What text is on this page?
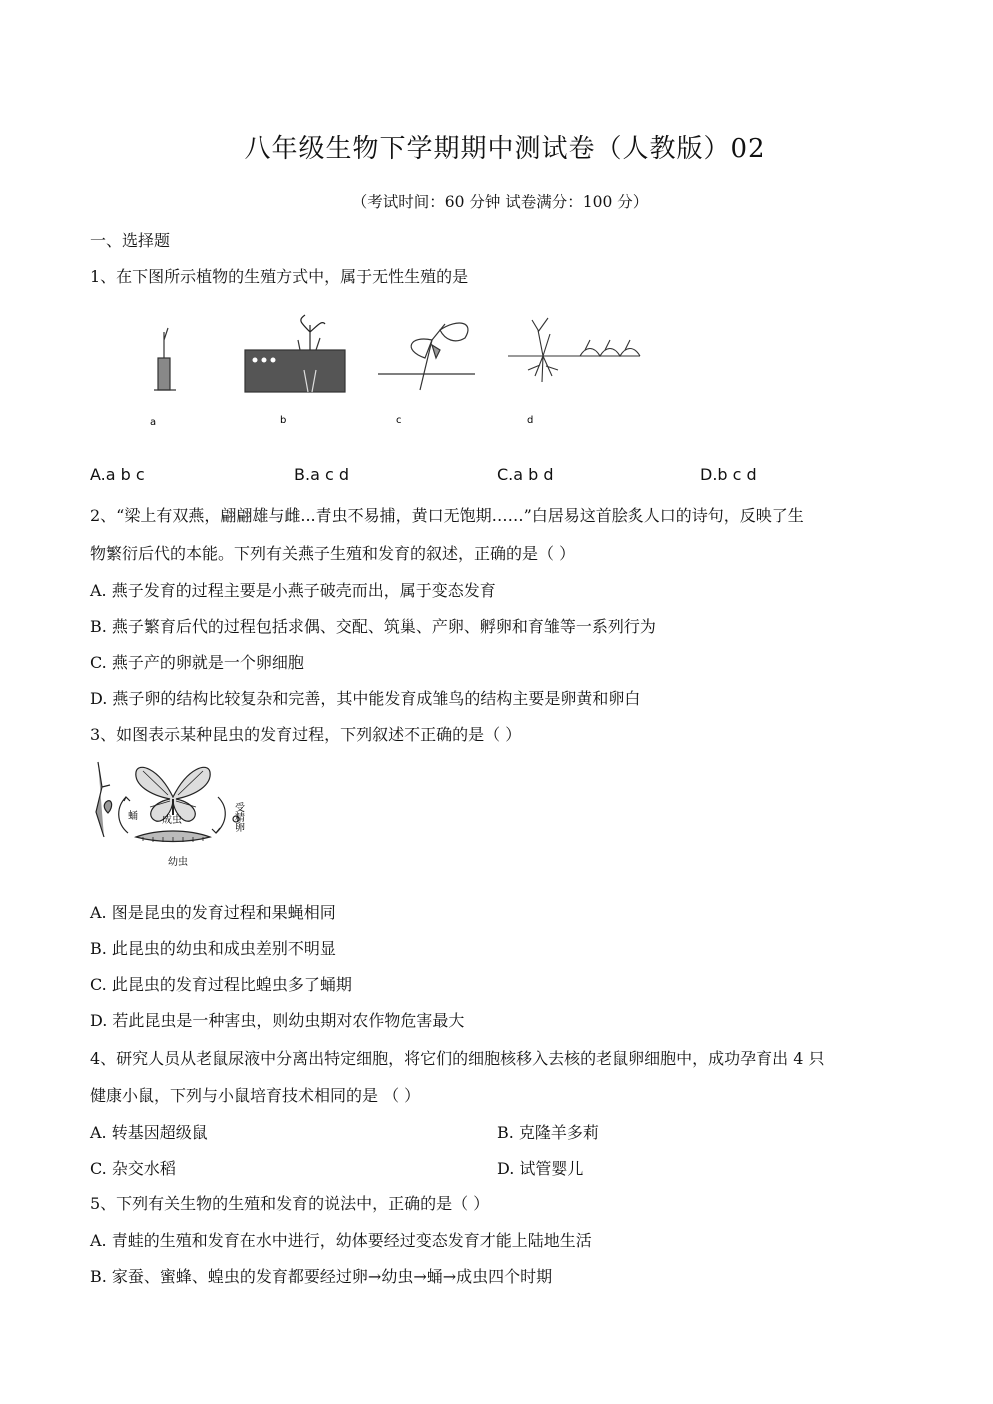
八年级生物下学期期中测试卷（人教版）02
（考试时间：60 分钟 试卷满分：100 分）
一、选择题
1、在下图所示植物的生殖方式中，属于无性生殖的是
a	b	c	d
A.a b c	B.a c d	C.a b d	D.b c d
2、“梁上有双燕，翩翩雄与雌...青虫不易捕，黄口无饱期……”白居易这首脍炙人口的诗句，反映了生
物繁衍后代的本能。下列有关燕子生殖和发育的叙述，正确的是（ ）
A. 燕子发育的过程主要是小燕子破壳而出，属于变态发育
B. 燕子繁育后代的过程包括求偶、交配、筑巢、产卵、孵卵和育雏等一系列行为
C. 燕子产的卵就是一个卵细胞
D. 燕子卵的结构比较复杂和完善，其中能发育成雏鸟的结构主要是卵黄和卵白
3、如图表示某种昆虫的发育过程，下列叙述不正确的是（ ）
成虫	受精卵
幼虫
蛹
A. 图是昆虫的发育过程和果蝇相同
B. 此昆虫的幼虫和成虫差别不明显
C. 此昆虫的发育过程比蝗虫多了蛹期
D. 若此昆虫是一种害虫，则幼虫期对农作物危害最大
4、研究人员从老鼠尿液中分离出特定细胞，将它们的细胞核移入去核的老鼠卵细胞中，成功孕育出 4 只
健康小鼠，下列与小鼠培育技术相同的是 （ ）
A. 转基因超级鼠	B. 克隆羊多莉
C. 杂交水稻	D. 试管婴儿
5、下列有关生物的生殖和发育的说法中，正确的是（ ）
A. 青蛙的生殖和发育在水中进行，幼体要经过变态发育才能上陆地生活
B. 家蚕、蜜蜂、蝗虫的发育都要经过卵→幼虫→蛹→成虫四个时期
